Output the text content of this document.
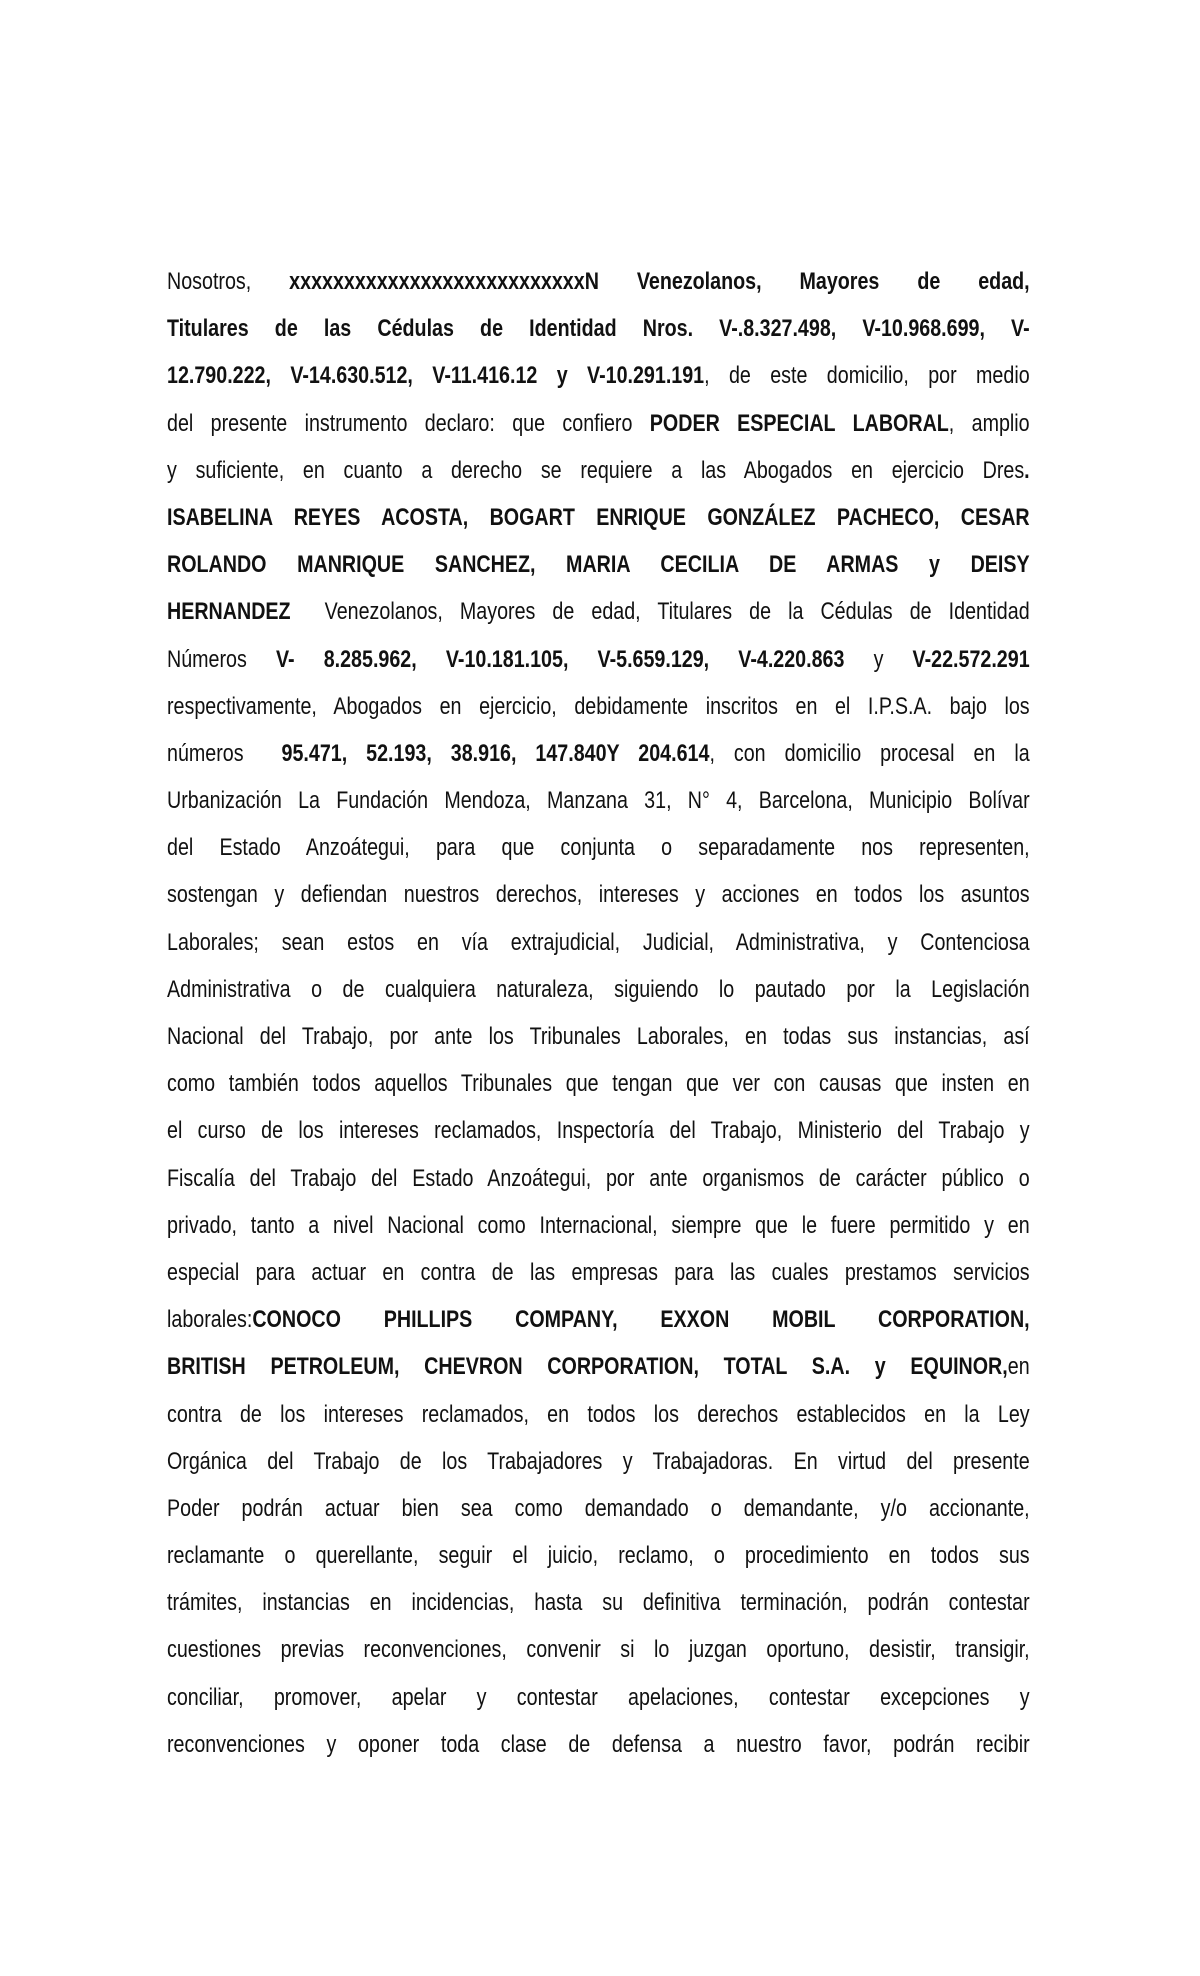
Nosotros, xxxxxxxxxxxxxxxxxxxxxxxxxxxN Venezolanos, Mayores de edad,
Titulares de las Cédulas de Identidad Nros. V-.8.327.498, V-10.968.699, V-
12.790.222, V-14.630.512, V-11.416.12 y V-10.291.191, de este domicilio, por medio
del presente instrumento declaro: que confiero PODER ESPECIAL LABORAL, amplio
y suficiente, en cuanto a derecho se requiere a las Abogados en ejercicio Dres.
ISABELINA REYES ACOSTA, BOGART ENRIQUE GONZÁLEZ PACHECO, CESAR
ROLANDO MANRIQUE SANCHEZ, MARIA CECILIA DE ARMAS y DEISY
HERNANDEZ  Venezolanos, Mayores de edad, Titulares de la Cédulas de Identidad
Números V- 8.285.962, V-10.181.105, V-5.659.129, V-4.220.863 y V-22.572.291
respectivamente, Abogados en ejercicio, debidamente inscritos en el I.P.S.A. bajo los
números  95.471, 52.193, 38.916, 147.840Y 204.614, con domicilio procesal en la
Urbanización La Fundación Mendoza, Manzana 31, N° 4, Barcelona, Municipio Bolívar
del Estado Anzoátegui, para que conjunta o separadamente nos representen,
sostengan y defiendan nuestros derechos, intereses y acciones en todos los asuntos
Laborales; sean estos en vía extrajudicial, Judicial, Administrativa, y Contenciosa
Administrativa o de cualquiera naturaleza, siguiendo lo pautado por la Legislación
Nacional del Trabajo, por ante los Tribunales Laborales, en todas sus instancias, así
como también todos aquellos Tribunales que tengan que ver con causas que insten en
el curso de los intereses reclamados, Inspectoría del Trabajo, Ministerio del Trabajo y
Fiscalía del Trabajo del Estado Anzoátegui, por ante organismos de carácter público o
privado, tanto a nivel Nacional como Internacional, siempre que le fuere permitido y en
especial para actuar en contra de las empresas para las cuales prestamos servicios
laborales:CONOCO PHILLIPS COMPANY, EXXON MOBIL CORPORATION,
BRITISH PETROLEUM, CHEVRON CORPORATION, TOTAL S.A. y EQUINOR,en
contra de los intereses reclamados, en todos los derechos establecidos en la Ley
Orgánica del Trabajo de los Trabajadores y Trabajadoras. En virtud del presente
Poder podrán actuar bien sea como demandado o demandante, y/o accionante,
reclamante o querellante, seguir el juicio, reclamo, o procedimiento en todos sus
trámites, instancias en incidencias, hasta su definitiva terminación, podrán contestar
cuestiones previas reconvenciones, convenir si lo juzgan oportuno, desistir, transigir,
conciliar, promover, apelar y contestar apelaciones, contestar excepciones y
reconvenciones y oponer toda clase de defensa a nuestro favor, podrán recibir
